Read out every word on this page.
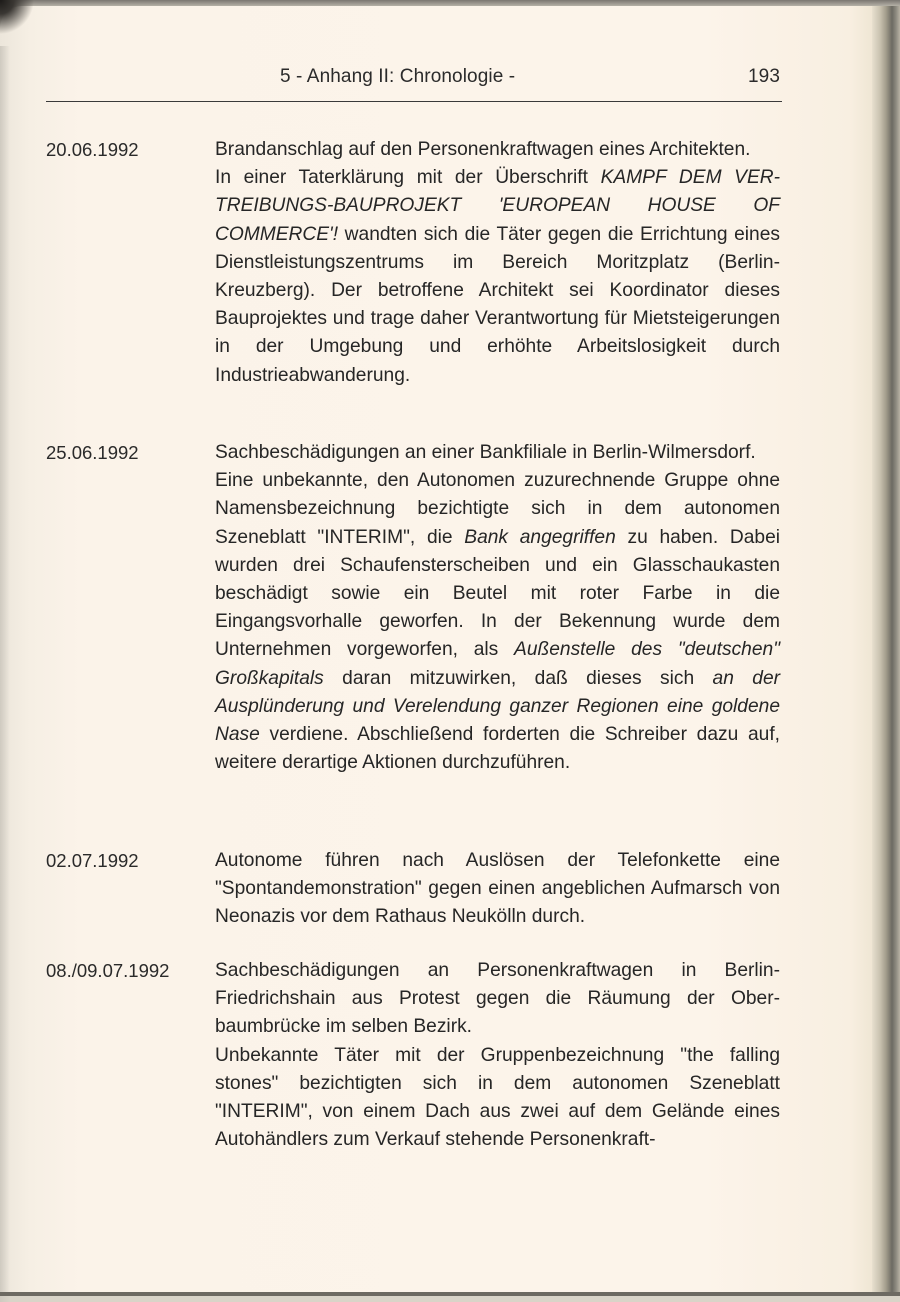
5 - Anhang II: Chronologie -	193
20.06.1992	Brandanschlag auf den Personenkraftwagen eines Architekten.

In einer Taterklärung mit der Überschrift KAMPF DEM VERTREIBUNGS-BAUPROJEKT 'EUROPEAN HOUSE OF COMMERCE'! wandten sich die Täter gegen die Errichtung eines Dienstleistungszentrums im Bereich Moritzplatz (Berlin-Kreuzberg). Der betroffene Architekt sei Koordinator dieses Bauprojektes und trage daher Verantwortung für Mietsteigerungen in der Umgebung und erhöhte Arbeitslosigkeit durch Industrieabwanderung.

25.06.1992	Sachbeschädigungen an einer Bankfiliale in Berlin-Wilmersdorf.

Eine unbekannte, den Autonomen zuzurechnende Gruppe ohne Namensbezeichnung bezichtigte sich in dem autonomen Szeneblatt "INTERIM", die Bank angegriffen zu haben. Dabei wurden drei Schaufensterscheiben und ein Glasschaukasten beschädigt sowie ein Beutel mit roter Farbe in die Eingangsvorhalle geworfen. In der Bekennung wurde dem Unternehmen vorgeworfen, als Außenstelle des "deutschen" Großkapitals daran mitzuwirken, daß dieses sich an der Ausplünderung und Verelendung ganzer Regionen eine goldene Nase verdiene. Abschließend forderten die Schreiber dazu auf, weitere derartige Aktionen durchzuführen.

02.07.1992	Autonome führen nach Auslösen der Telefonkette eine "Spontandemonstration" gegen einen angeblichen Aufmarsch von Neonazis vor dem Rathaus Neukölln durch.

08./09.07.1992 Sachbeschädigungen an Personenkraftwagen in Berlin-Friedrichshain aus Protest gegen die Räumung der Oberbaumbrücke im selben Bezirk.

Unbekannte Täter mit der Gruppenbezeichnung "the falling stones" bezichtigten sich in dem autonomen Szeneblatt "INTERIM", von einem Dach aus zwei auf dem Gelände eines Autohändlers zum Verkauf stehende Personenkraft-
